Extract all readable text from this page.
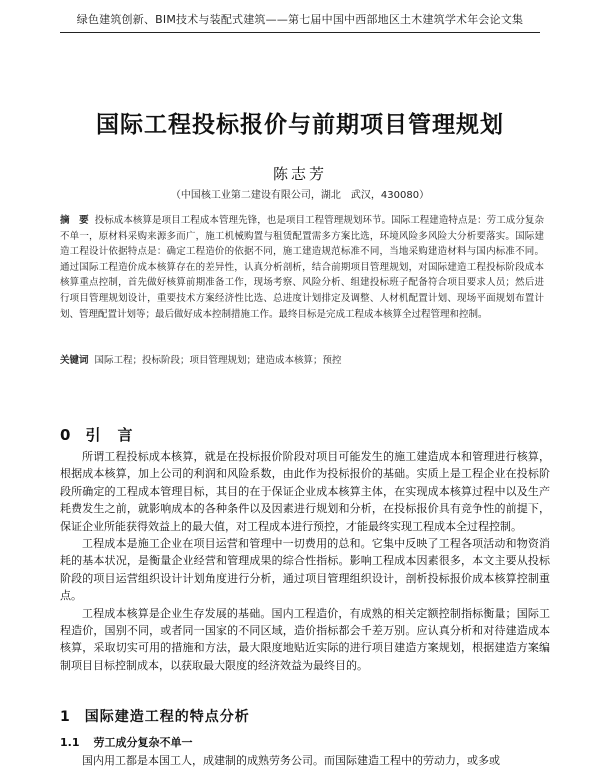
绿色建筑创新、BIM技术与装配式建筑——第七届中国中西部地区土木建筑学术年会论文集
国际工程投标报价与前期项目管理规划
陈志芳
（中国核工业第二建设有限公司，湖北　武汉，430080）
摘　要 投标成本核算是项目工程成本管理先锋，也是项目工程管理规划环节。国际工程建造特点是：劳工成分复杂不单一，原材料采购来源多而广，施工机械购置与租赁配置需多方案比选，环境风险多风险大分析要落实。国际建造工程设计依据特点是：确定工程造价的依据不同，施工建造规范标准不同，当地采购建造材料与国内标准不同。通过国际工程造价成本核算存在的差异性，认真分析剖析，结合前期项目管理规划，对国际建造工程投标阶段成本核算重点控制，首先做好核算前期准备工作，现场考察、风险分析、组建投标班子配备符合项目要求人员；然后进行项目管理规划设计，重要技术方案经济性比选、总进度计划排定及调整、人材机配置计划、现场平面规划布置计划、管理配置计划等；最后做好成本控制措施工作。最终目标是完成工程成本核算全过程管理和控制。
关键词 国际工程；投标阶段；项目管理规划；建造成本核算；预控
0 引　言

所谓工程投标成本核算，就是在投标报价阶段对项目可能发生的施工建造成本和管理进行核算，根据成本核算，加上公司的利润和风险系数，由此作为投标报价的基础。实质上是工程企业在投标阶段所确定的工程成本管理目标，其目的在于保证企业成本核算主体，在实现成本核算过程中以及生产耗费发生之前，就影响成本的各种条件以及因素进行规划和分析，在投标报价具有竞争性的前提下，保证企业所能获得效益上的最大值，对工程成本进行预控，才能最终实现工程成本全过程控制。

工程成本是施工企业在项目运营和管理中一切费用的总和。它集中反映了工程各项活动和物资消耗的基本状况，是衡量企业经营和管理成果的综合性指标。影响工程成本因素很多，本文主要从投标阶段的项目运营组织设计计划角度进行分析，通过项目管理组织设计，剖析投标报价成本核算控制重点。

工程成本核算是企业生存发展的基础。国内工程造价，有成熟的相关定额控制指标衡量；国际工程造价，国别不同，或者同一国家的不同区域，造价指标都会千差万别。应认真分析和对待建造成本核算，采取切实可用的措施和方法，最大限度地贴近实际的进行项目建造方案规划，根据建造方案编制项目目标控制成本，以获取最大限度的经济效益为最终目的。

1 国际建造工程的特点分析
1.1 劳工成分复杂不单一
国内用工都是本国工人，成建制的成熟劳务公司。而国际建造工程中的劳动力，或多或
